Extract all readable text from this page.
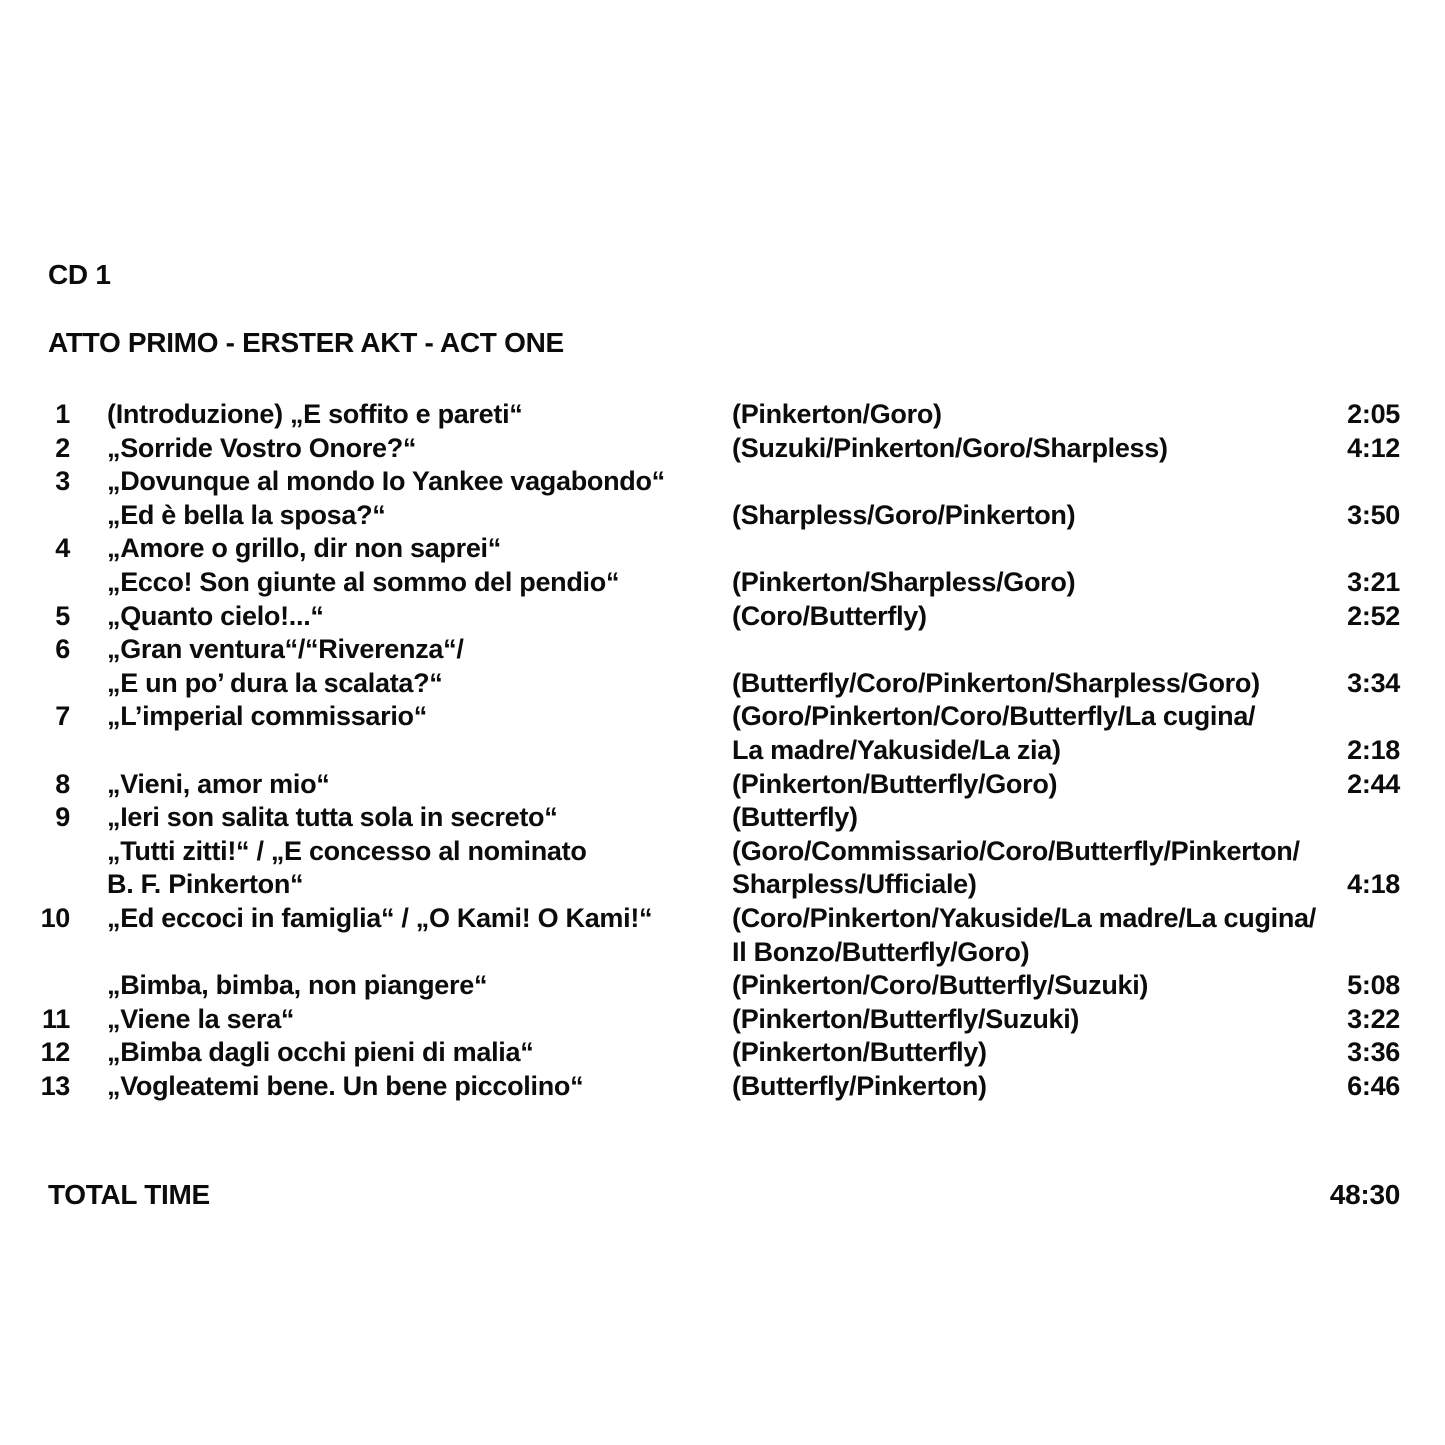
CD 1
ATTO PRIMO - ERSTER AKT - ACT ONE
1 (Introduzione) „E soffito e pareti“	(Pinkerton/Goro)	2:05
2 „Sorride Vostro Onore?“	(Suzuki/Pinkerton/Goro/Sharpless)	4:12
3 „Dovunque al mondo Io Yankee vagabondo“
„Ed è bella la sposa?“	(Sharpless/Goro/Pinkerton)	3:50
4 „Amore o grillo, dir non saprei“
„Ecco! Son giunte al sommo del pendio“	(Pinkerton/Sharpless/Goro)	3:21
5 „Quanto cielo!...“	(Coro/Butterfly)	2:52
6 „Gran ventura“/“Riverenza“/
„E un po’ dura la scalata?“	(Butterfly/Coro/Pinkerton/Sharpless/Goro)	3:34
7 „L’imperial commissario“	(Goro/Pinkerton/Coro/Butterfly/La cugina/
La madre/Yakuside/La zia)	2:18
8 „Vieni, amor mio“	(Pinkerton/Butterfly/Goro)	2:44
9 „Ieri son salita tutta sola in secreto“	(Butterfly)
„Tutti zitti!“ / „E concesso al nominato	(Goro/Commissario/Coro/Butterfly/Pinkerton/
B. F. Pinkerton“	Sharpless/Ufficiale)	4:18
10 „Ed eccoci in famiglia“ / „O Kami! O Kami!“	(Coro/Pinkerton/Yakuside/La madre/La cugina/
Il Bonzo/Butterfly/Goro)
„Bimba, bimba, non piangere“	(Pinkerton/Coro/Butterfly/Suzuki)	5:08
11 „Viene la sera“	(Pinkerton/Butterfly/Suzuki)	3:22
12 „Bimba dagli occhi pieni di malia“	(Pinkerton/Butterfly)	3:36
13 „Vogleatemi bene. Un bene piccolino“	(Butterfly/Pinkerton)	6:46
TOTAL TIME	48:30
